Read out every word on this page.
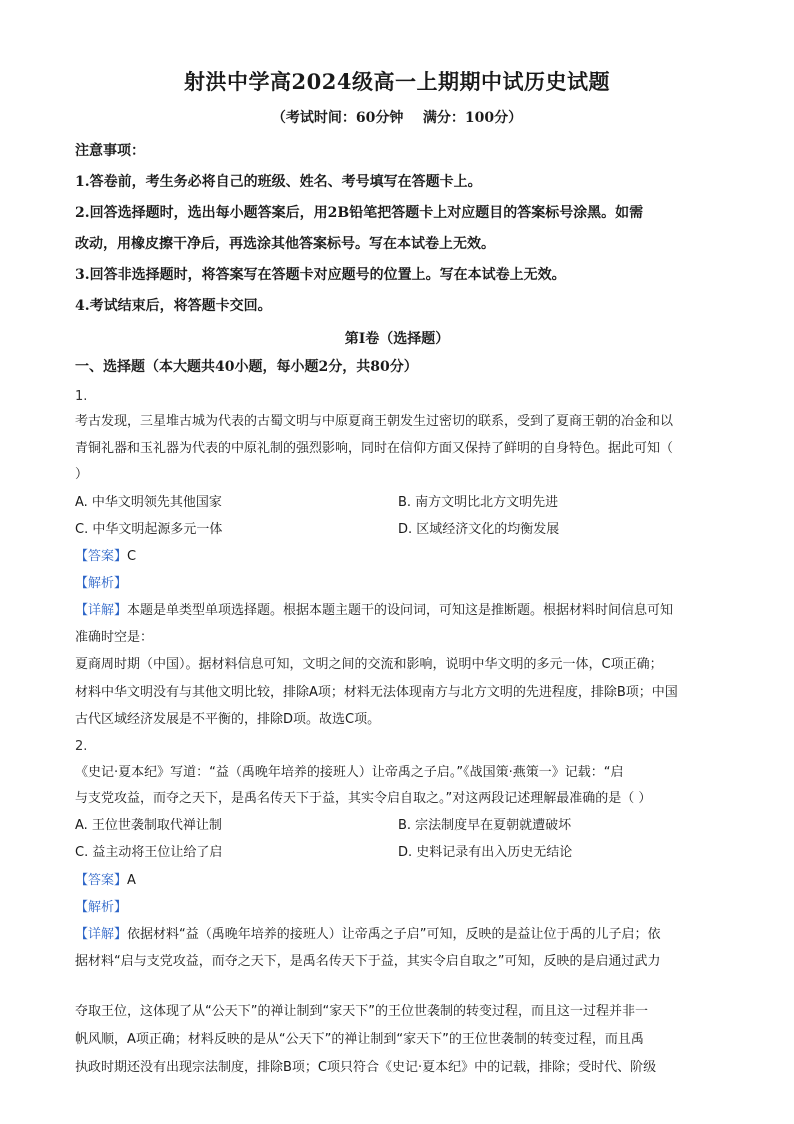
射洪中学高2024级高一上期期中试历史试题
（考试时间：60分钟    满分：100分）
注意事项：
1.答卷前，考生务必将自己的班级、姓名、考号填写在答题卡上。
2.回答选择题时，选出每小题答案后，用2B铅笔把答题卡上对应题目的答案标号涂黑。如需
改动，用橡皮擦干净后，再选涂其他答案标号。写在本试卷上无效。
3.回答非选择题时，将答案写在答题卡对应题号的位置上。写在本试卷上无效。
4.考试结束后，将答题卡交回。
第Ⅰ卷（选择题）
一、选择题（本大题共40小题，每小题2分，共80分）
1.
考古发现，三星堆古城为代表的古蜀文明与中原夏商王朝发生过密切的联系，受到了夏商王朝的冶金和以
青铜礼器和玉礼器为代表的中原礼制的强烈影响，同时在信仰方面又保持了鲜明的自身特色。据此可知（
）
A. 中华文明领先其他国家	B. 南方文明比北方文明先进
C. 中华文明起源多元一体	D. 区域经济文化的均衡发展
【答案】C
【解析】
【详解】本题是单类型单项选择题。根据本题主题干的设问词，可知这是推断题。根据材料时间信息可知
准确时空是：
夏商周时期（中国）。据材料信息可知，文明之间的交流和影响，说明中华文明的多元一体，C项正确；
材料中华文明没有与其他文明比较，排除A项；材料无法体现南方与北方文明的先进程度，排除B项；中国
古代区域经济发展是不平衡的，排除D项。故选C项。
2.
《史记·夏本纪》写道：“益（禹晚年培养的接班人）让帝禹之子启。”《战国策·燕策一》记载：“启
与支党攻益，而夺之天下，是禹名传天下于益，其实令启自取之。”对这两段记述理解最准确的是（ ）
A. 王位世袭制取代禅让制	B. 宗法制度早在夏朝就遭破坏
C. 益主动将王位让给了启	D. 史料记录有出入历史无结论
【答案】A
【解析】
【详解】依据材料“益（禹晚年培养的接班人）让帝禹之子启”可知，反映的是益让位于禹的儿子启；依
据材料“启与支党攻益，而夺之天下，是禹名传天下于益，其实令启自取之”可知，反映的是启通过武力
夺取王位，这体现了从“公天下”的禅让制到“家天下”的王位世袭制的转变过程，而且这一过程并非一
帆风顺，A项正确；材料反映的是从“公天下”的禅让制到“家天下”的王位世袭制的转变过程，而且禹
执政时期还没有出现宗法制度，排除B项；C项只符合《史记·夏本纪》中的记载，排除；受时代、阶级
